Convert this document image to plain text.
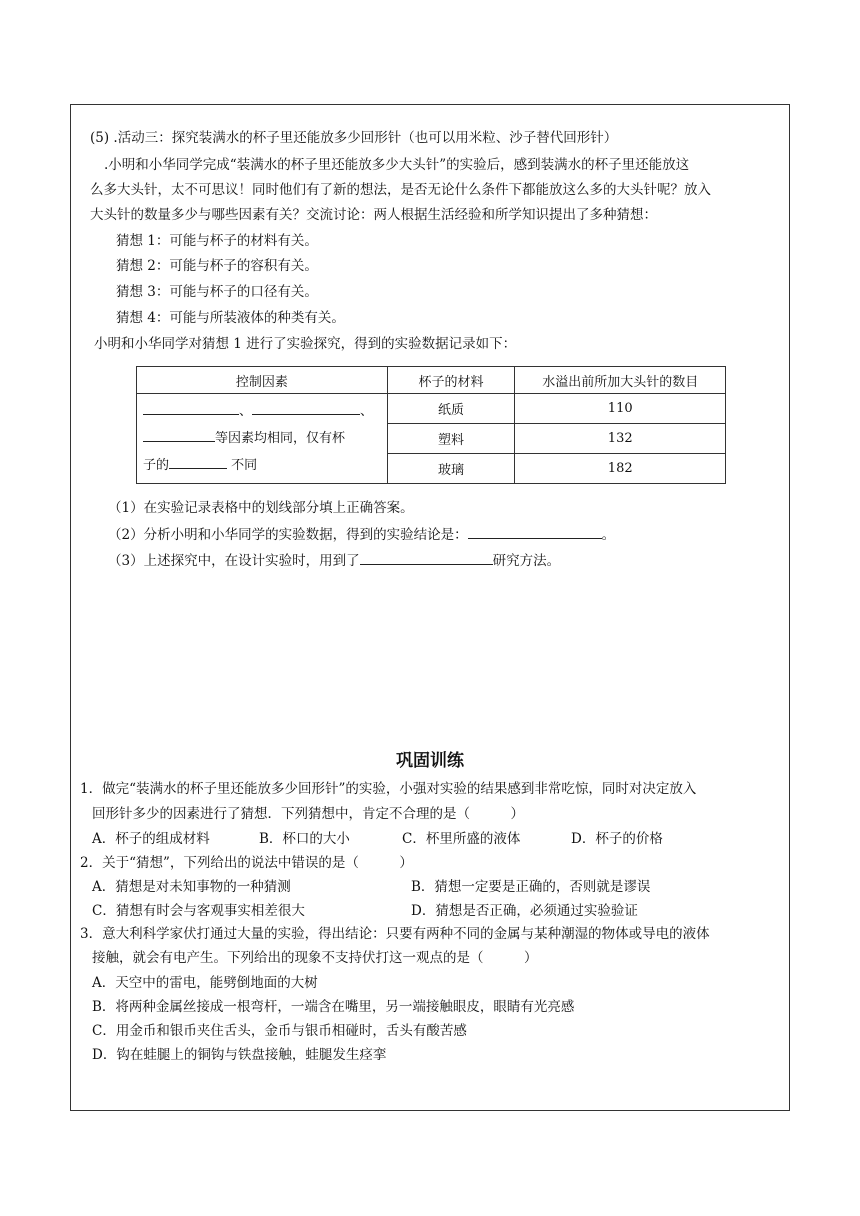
(5) .活动三：探究装满水的杯子里还能放多少回形针（也可以用米粒、沙子替代回形针）
.小明和小华同学完成“装满水的杯子里还能放多少大头针”的实验后，感到装满水的杯子里还能放这
么多大头针，太不可思议！同时他们有了新的想法，是否无论什么条件下都能放这么多的大头针呢？放入
大头针的数量多少与哪些因素有关？交流讨论：两人根据生活经验和所学知识提出了多种猜想：
猜想 1：可能与杯子的材料有关。
猜想 2：可能与杯子的容积有关。
猜想 3：可能与杯子的口径有关。
猜想 4：可能与所装液体的种类有关。
小明和小华同学对猜想 1 进行了实验探究，得到的实验数据记录如下：
控制因素	杯子的材料	水溢出前所加大头针的数目
、 、
等因素均相同，仅有杯
子的 不同	纸质	110
	塑料	132
	玻璃	182
（1）在实验记录表格中的划线部分填上正确答案。
（2）分析小明和小华同学的实验数据，得到的实验结论是：	。
（3）上述探究中，在设计实验时，用到了	研究方法。
巩固训练
1．做完“装满水的杯子里还能放多少回形针”的实验，小强对实验的结果感到非常吃惊，同时对决定放入
回形针多少的因素进行了猜想．下列猜想中，肯定不合理的是（　　　）
A．杯子的组成材料	B．杯口的大小	C．杯里所盛的液体	D．杯子的价格
2．关于“猜想”，下列给出的说法中错误的是（　　　）
A．猜想是对未知事物的一种猜测	B．猜想一定要是正确的，否则就是谬误
C．猜想有时会与客观事实相差很大	D．猜想是否正确，必须通过实验验证
3．意大利科学家伏打通过大量的实验，得出结论：只要有两种不同的金属与某种潮湿的物体或导电的液体
接触，就会有电产生。下列给出的现象不支持伏打这一观点的是（　　　）
A．天空中的雷电，能劈倒地面的大树
B．将两种金属丝接成一根弯杆，一端含在嘴里，另一端接触眼皮，眼睛有光亮感
C．用金币和银币夹住舌头，金币与银币相碰时，舌头有酸苦感
D．钩在蛙腿上的铜钩与铁盘接触，蛙腿发生痉挛
